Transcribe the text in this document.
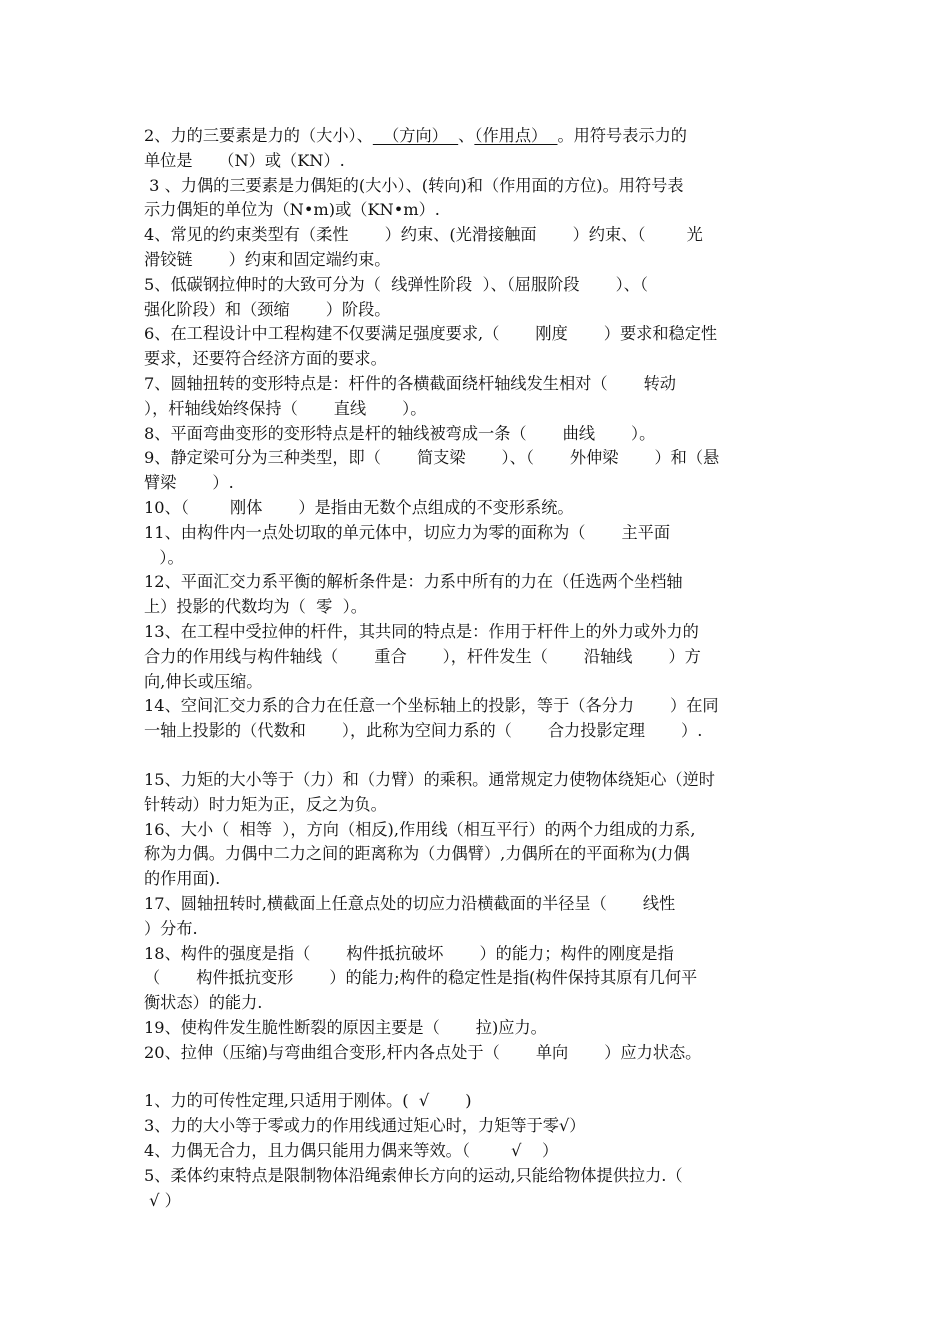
2、力的三要素是力的（大小）、  （方向）  、（作用点）  。用符号表示力的
单位是     （N）或（KN）.
3 、力偶的三要素是力偶矩的(大小）、(转向)和（作用面的方位)。用符号表
示力偶矩的单位为（N•m)或（KN•m）.
4、常见的约束类型有（柔性       ）约束、(光滑接触面       ）约束、（        光
滑铰链       ）约束和固定端约束。
5、低碳钢拉伸时的大致可分为（  线弹性阶段  ）、（屈服阶段       ）、（
强化阶段）和（颈缩       ）阶段。
6、在工程设计中工程构建不仅要满足强度要求,（       刚度       ）要求和稳定性
要求，还要符合经济方面的要求。
7、圆轴扭转的变形特点是：杆件的各横截面绕杆轴线发生相对（       转动
），杆轴线始终保持（       直线       ）。
8、平面弯曲变形的变形特点是杆的轴线被弯成一条（       曲线       ）。
9、静定梁可分为三种类型，即（       简支梁       ）、（       外伸梁       ）和（悬
臂梁       ）.
10、（        刚体       ）是指由无数个点组成的不变形系统。
11、由构件内一点处切取的单元体中，切应力为零的面称为（       主平面
）。
12、平面汇交力系平衡的解析条件是：力系中所有的力在（任选两个坐档轴
上）投影的代数均为（  零  ）。
13、在工程中受拉伸的杆件，其共同的特点是：作用于杆件上的外力或外力的
合力的作用线与构件轴线（       重合       ），杆件发生（       沿轴线       ）方
向,伸长或压缩。
14、空间汇交力系的合力在任意一个坐标轴上的投影，等于（各分力       ）在同
一轴上投影的（代数和       ），此称为空间力系的（       合力投影定理       ）.
15、力矩的大小等于（力）和（力臂）的乘积。通常规定力使物体绕矩心（逆时
针转动）时力矩为正，反之为负。
16、大小（  相等  ），方向（相反),作用线（相互平行）的两个力组成的力系,
称为力偶。力偶中二力之间的距离称为（力偶臂）,力偶所在的平面称为(力偶
的作用面).
17、圆轴扭转时,横截面上任意点处的切应力沿横截面的半径呈（       线性
）分布.
18、构件的强度是指（       构件抵抗破坏       ）的能力；构件的刚度是指
（       构件抵抗变形       ）的能力;构件的稳定性是指(构件保持其原有几何平
衡状态）的能力.
19、使构件发生脆性断裂的原因主要是（       拉)应力。
20、拉伸（压缩)与弯曲组合变形,杆内各点处于（       单向       ）应力状态。
1、力的可传性定理,只适用于刚体。(  √       )
3、力的大小等于零或力的作用线通过矩心时，力矩等于零√）
4、力偶无合力，且力偶只能用力偶来等效。（        √    ）
5、柔体约束特点是限制物体沿绳索伸长方向的运动,只能给物体提供拉力.（
√ ）
